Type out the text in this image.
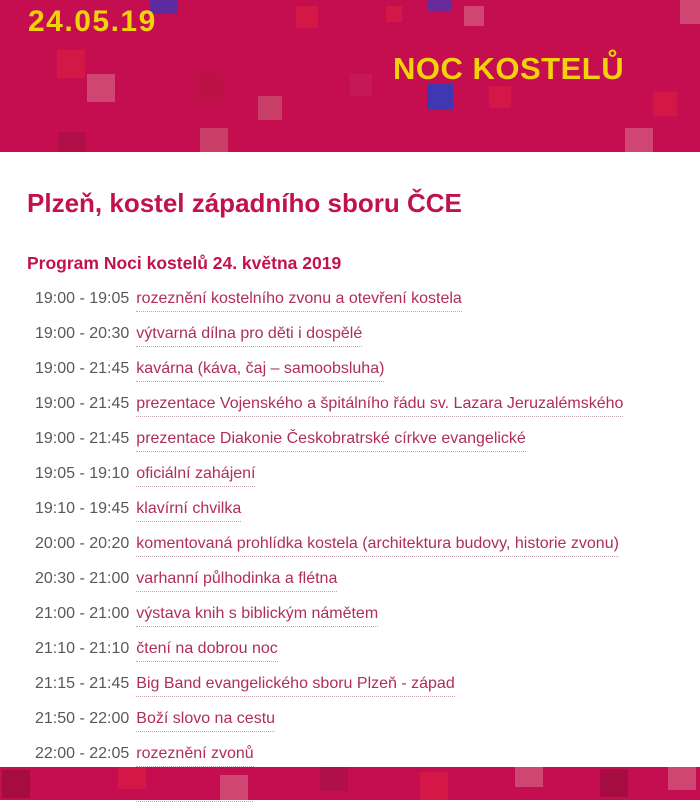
24.05.19
NOC KOSTELŮ
Plzeň, kostel západního sboru ČCE
Program Noci kostelů 24. května 2019
19:00 - 19:05 rozeznění kostelního zvonu a otevření kostela
19:00 - 20:30 výtvarná dílna pro děti i dospělé
19:00 - 21:45 kavárna (káva, čaj – samoobsluha)
19:00 - 21:45 prezentace Vojenského a špitálního řádu sv. Lazara Jeruzalémského
19:00 - 21:45 prezentace Diakonie Českobratrské církve evangelické
19:05 - 19:10 oficiální zahájení
19:10 - 19:45 klavírní chvilka
20:00 - 20:20 komentovaná prohlídka kostela (architektura budovy, historie zvonu)
20:30 - 21:00 varhanní půlhodinka a flétna
21:00 - 21:00 výstava knih s biblickým námětem
21:10 - 21:10 čtení na dobrou noc
21:15 - 21:45 Big Band evangelického sboru Plzeň - západ
21:50 - 22:00 Boží slovo na cestu
22:00 - 22:05 rozeznění zvonů
